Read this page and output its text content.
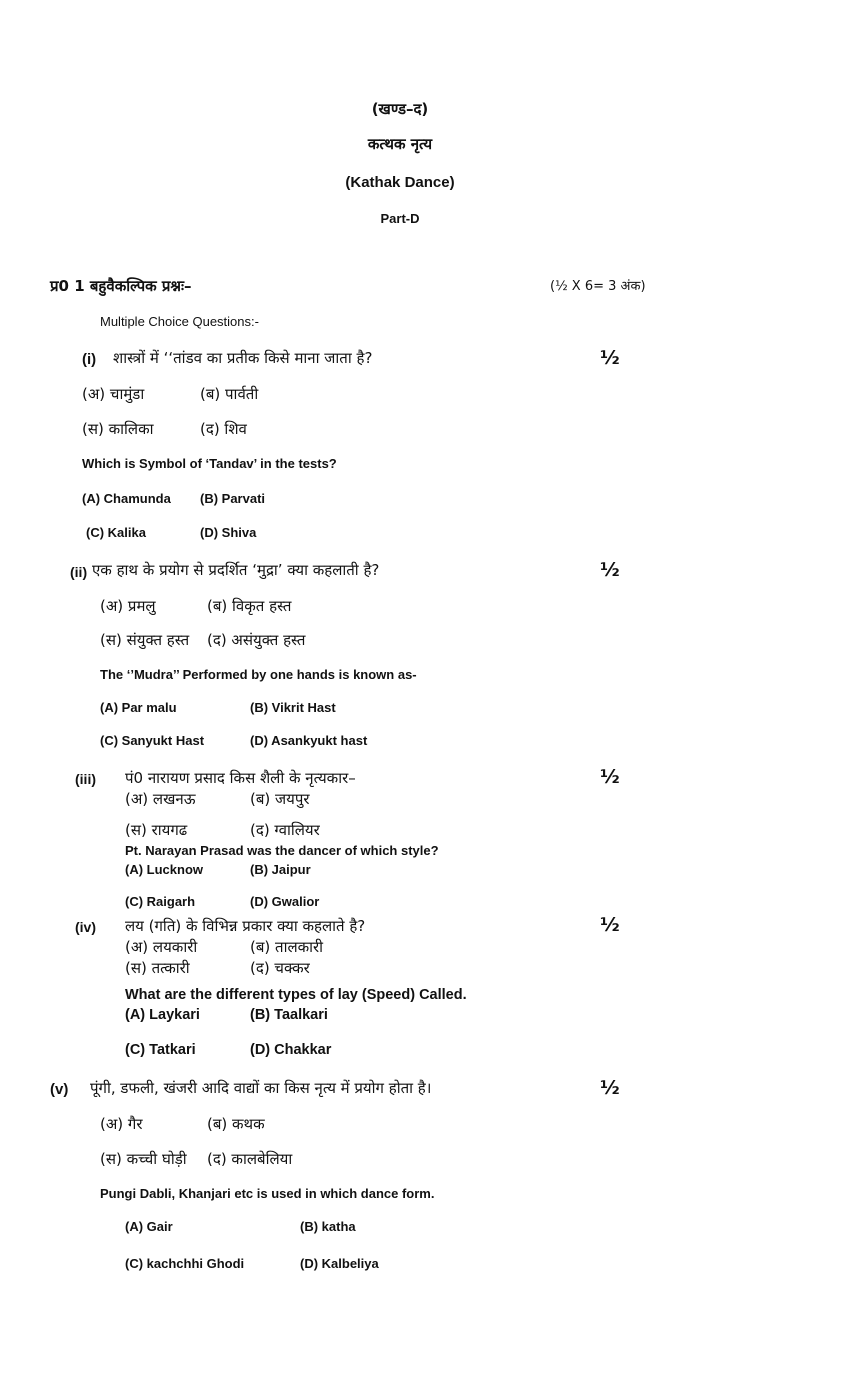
(खण्ड–द)
कत्थक नृत्य
(Kathak Dance)
Part-D
प्र0 1 बहुवैकल्पिक प्रश्नः–	(½ X 6= 3 अंक)
Multiple Choice Questions:-
(i) शास्त्रों में ‘‘तांडव का प्रतीक किसे माना जाता है?	½
(अ) चामुंडा	(ब) पार्वती
(स) कालिका	(द) शिव
Which is Symbol of ‘Tandav’ in the tests?
(A) Chamunda (B) Parvati
(C) Kalika	(D) Shiva
(ii) एक हाथ के प्रयोग से प्रदर्शित ‘मुद्रा’ क्या कहलाती है?	½
(अ) प्रमलु	(ब) विकृत हस्त
(स) संयुक्त हस्त (द) असंयुक्त हस्त
The ‘’Mudra’’ Performed by one hands is known as-
(A) Par malu	(B) Vikrit Hast
(C) Sanyukt Hast	(D) Asankyukt hast
(iii) पं0 नारायण प्रसाद किस शैली के नृत्यकार–	½
(अ) लखनऊ	(ब) जयपुर
(स) रायगढ	(द) ग्वालियर
Pt. Narayan Prasad was the dancer of which style?
(A) Lucknow	(B) Jaipur
(C) Raigarh	(D) Gwalior
(iv) लय (गति) के विभिन्न प्रकार क्या कहलाते है?	½
(अ) लयकारी	(ब) तालकारी
(स) तत्कारी	(द) चक्कर
What are the different types of lay (Speed) Called.
(A) Laykari	(B) Taalkari
(C) Tatkari	(D) Chakkar
(v) पूंगी, डफली, खंजरी आदि वाद्यों का किस नृत्य में प्रयोग होता है।	½
(अ) गैर	(ब) कथक
(स) कच्ची घोड़ी (द) कालबेलिया
Pungi Dabli, Khanjari etc is used in which dance form.
(A) Gair	(B) katha
(C) kachchhi Ghodi	(D) Kalbeliya
